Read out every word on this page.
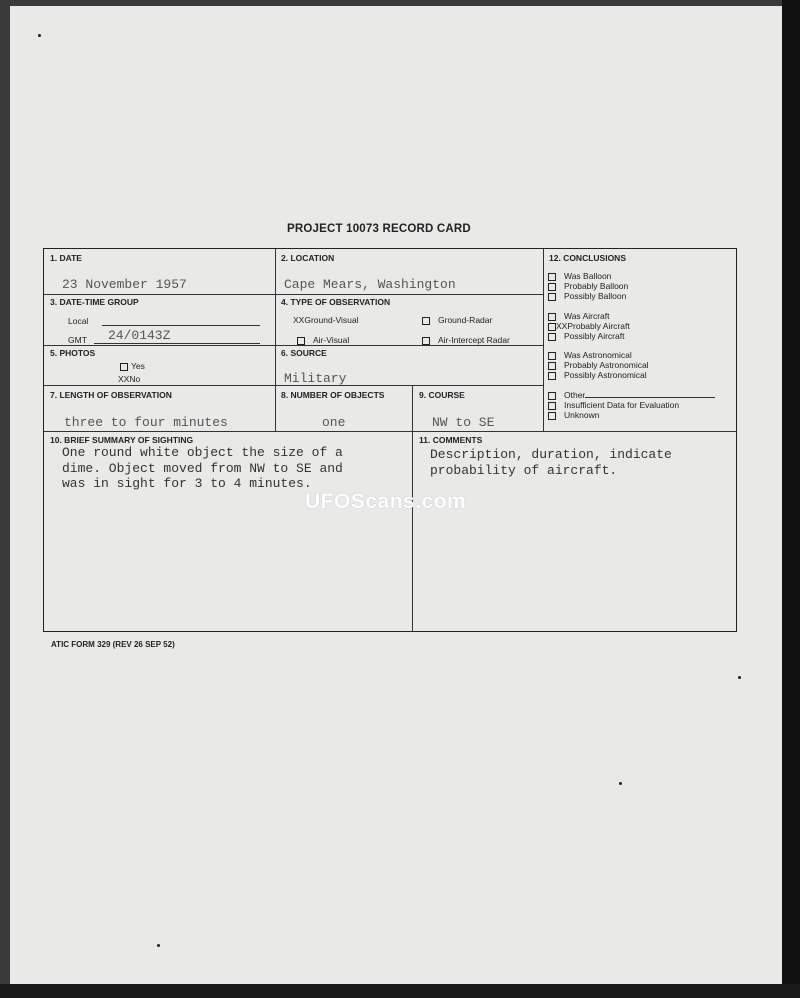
PROJECT 10073 RECORD CARD
1. DATE
23 November 1957
2. LOCATION
Cape Mears, Washington
3. DATE-TIME GROUP
Local
GMT 24/0143Z
4. TYPE OF OBSERVATION
XXGround-Visual	Ground-Radar
Air-Visual	Air-Intercept Radar
5. PHOTOS
Yes
XXNo
6. SOURCE
Military
7. LENGTH OF OBSERVATION
three to four minutes
8. NUMBER OF OBJECTS
one
9. COURSE
NW to SE
10. BRIEF SUMMARY OF SIGHTING
One round white object the size of a
dime. Object moved from NW to SE and
was in sight for 3 to 4 minutes.
11. COMMENTS
Description, duration, indicate
probability of aircraft.
12. CONCLUSIONS
Was Balloon
Probably Balloon
Possibly Balloon
Was Aircraft
XXProbably Aircraft
Possibly Aircraft
Was Astronomical
Probably Astronomical
Possibly Astronomical
Other
Insufficient Data for Evaluation
Unknown
ATIC FORM 329 (REV 26 SEP 52)
UFOScans.com
